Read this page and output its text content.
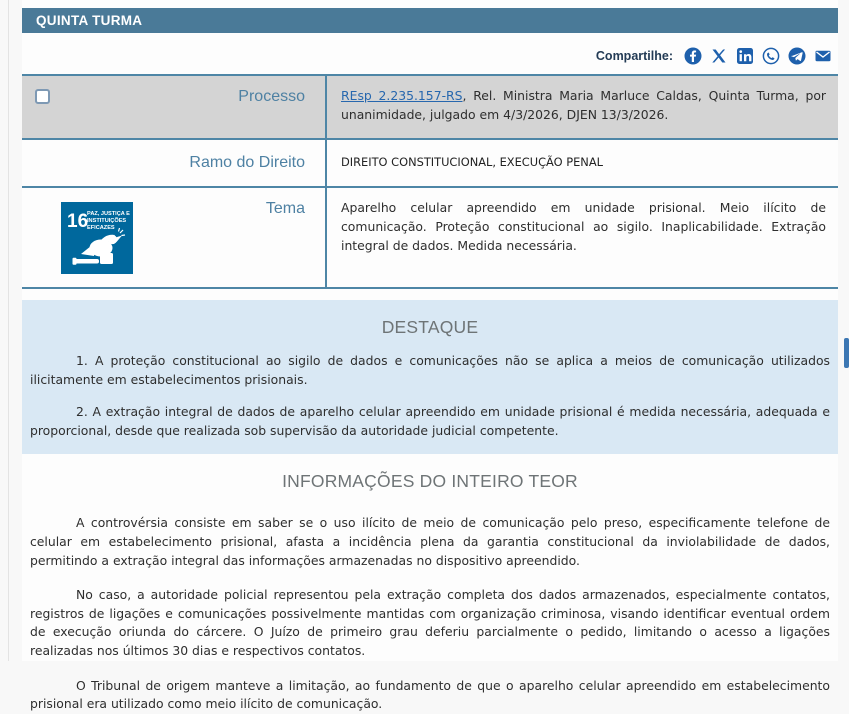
QUINTA TURMA
Compartilhe:
Processo	REsp 2.235.157-RS, Rel. Ministra Maria Marluce Caldas, Quinta Turma, por unanimidade, julgado em 4/3/2026, DJEN 13/3/2026.

Ramo do Direito	DIREITO CONSTITUCIONAL, EXECUÇÃO PENAL

16
PAZ, JUSTIÇA E
INSTITUIÇÕES
EFICAZES
Tema	Aparelho celular apreendido em unidade prisional. Meio ilícito de comunicação. Proteção constitucional ao sigilo. Inaplicabilidade. Extração integral de dados. Medida necessária.

DESTAQUE

1. A proteção constitucional ao sigilo de dados e comunicações não se aplica a meios de comunicação utilizados ilicitamente em estabelecimentos prisionais.

2. A extração integral de dados de aparelho celular apreendido em unidade prisional é medida necessária, adequada e proporcional, desde que realizada sob supervisão da autoridade judicial competente.

INFORMAÇÕES DO INTEIRO TEOR

A controvérsia consiste em saber se o uso ilícito de meio de comunicação pelo preso, especificamente telefone de celular em estabelecimento prisional, afasta a incidência plena da garantia constitucional da inviolabilidade de dados, permitindo a extração integral das informações armazenadas no dispositivo apreendido.

No caso, a autoridade policial representou pela extração completa dos dados armazenados, especialmente contatos, registros de ligações e comunicações possivelmente mantidas com organização criminosa, visando identificar eventual ordem de execução oriunda do cárcere. O Juízo de primeiro grau deferiu parcialmente o pedido, limitando o acesso a ligações realizadas nos últimos 30 dias e respectivos contatos.

O Tribunal de origem manteve a limitação, ao fundamento de que o aparelho celular apreendido em estabelecimento prisional era utilizado como meio ilícito de comunicação.
